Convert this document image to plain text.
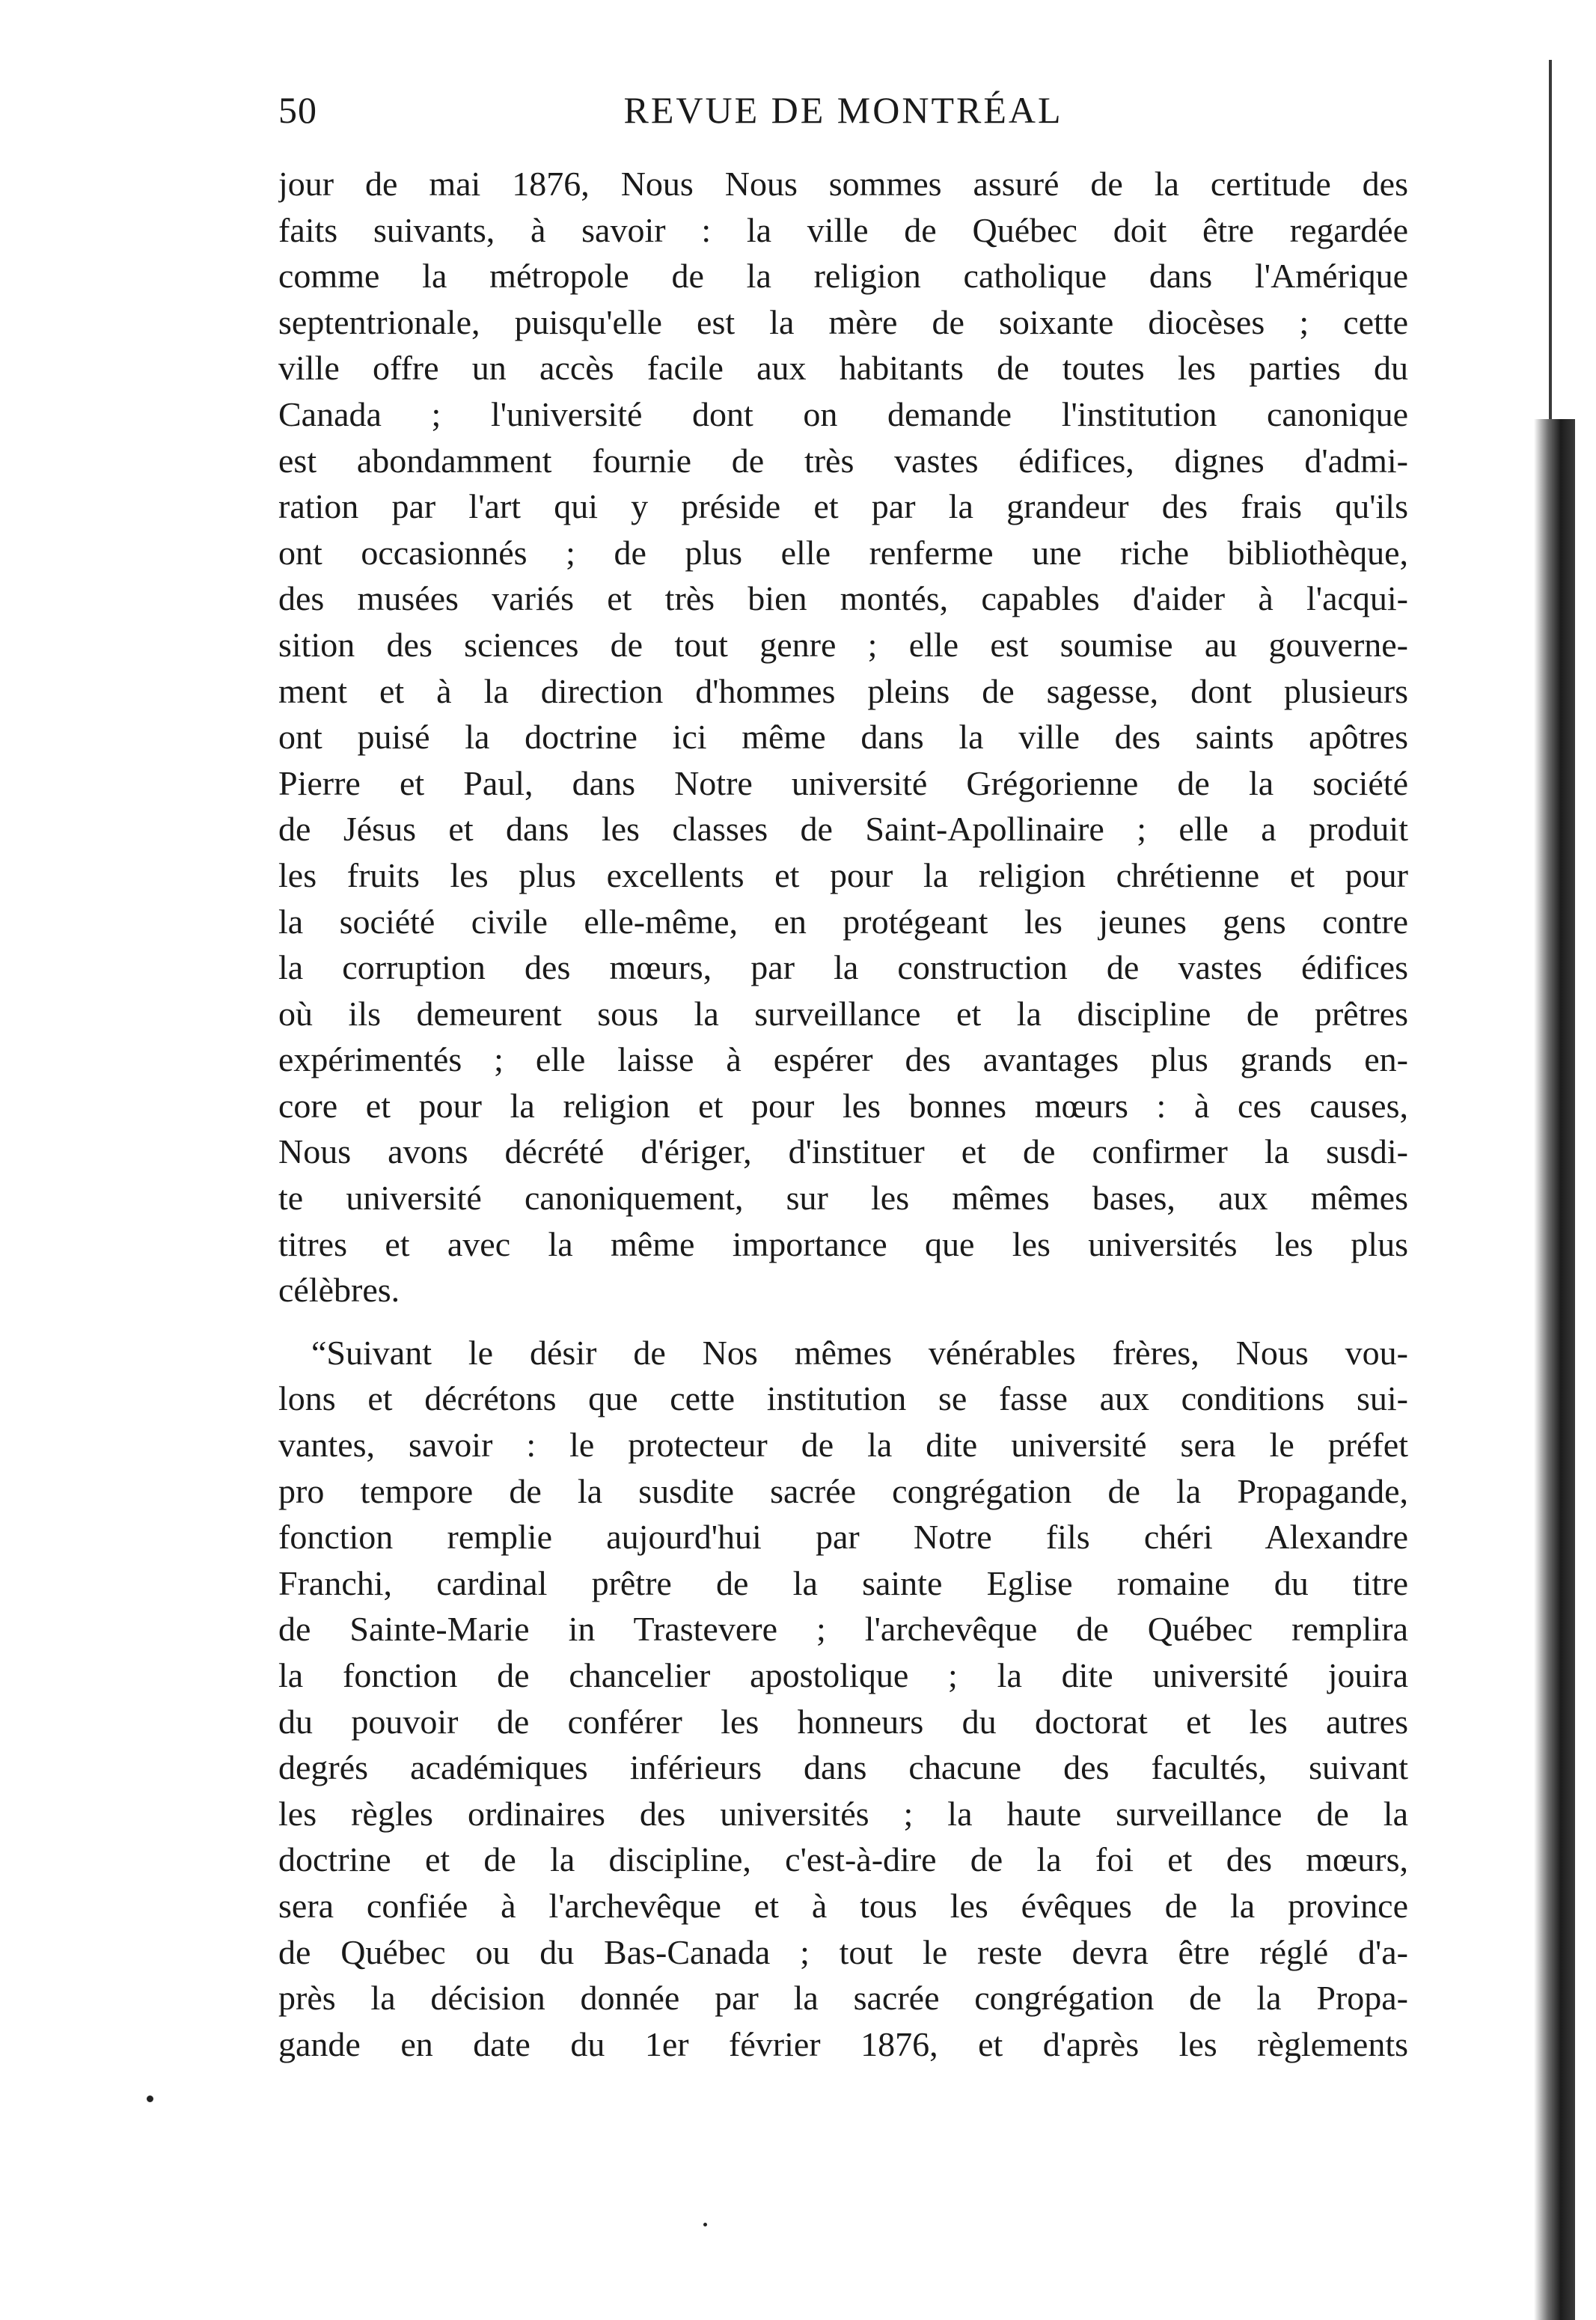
50	REVUE DE MONTRÉAL
jour de mai 1876, Nous Nous sommes assuré de la certitude des
faits suivants, à savoir : la ville de Québec doit être regardée
comme la métropole de la religion catholique dans l'Amérique
septentrionale, puisqu'elle est la mère de soixante diocèses ; cette
ville offre un accès facile aux habitants de toutes les parties du
Canada ; l'université dont on demande l'institution canonique
est abondamment fournie de très vastes édifices, dignes d'admi-
ration par l'art qui y préside et par la grandeur des frais qu'ils
ont occasionnés ; de plus elle renferme une riche bibliothèque,
des musées variés et très bien montés, capables d'aider à l'acqui-
sition des sciences de tout genre ; elle est soumise au gouverne-
ment et à la direction d'hommes pleins de sagesse, dont plusieurs
ont puisé la doctrine ici même dans la ville des saints apôtres
Pierre et Paul, dans Notre université Grégorienne de la société
de Jésus et dans les classes de Saint-Apollinaire ; elle a produit
les fruits les plus excellents et pour la religion chrétienne et pour
la société civile elle-même, en protégeant les jeunes gens contre
la corruption des mœurs, par la construction de vastes édifices
où ils demeurent sous la surveillance et la discipline de prêtres
expérimentés ; elle laisse à espérer des avantages plus grands en-
core et pour la religion et pour les bonnes mœurs : à ces causes,
Nous avons décrété d'ériger, d'instituer et de confirmer la susdi-
te université canoniquement, sur les mêmes bases, aux mêmes
titres et avec la même importance que les universités les plus
célèbres.
“Suivant le désir de Nos mêmes vénérables frères, Nous vou-
lons et décrétons que cette institution se fasse aux conditions sui-
vantes, savoir : le protecteur de la dite université sera le préfet
pro tempore de la susdite sacrée congrégation de la Propagande,
fonction remplie aujourd'hui par Notre fils chéri Alexandre
Franchi, cardinal prêtre de la sainte Eglise romaine du titre
de Sainte-Marie in Trastevere ; l'archevêque de Québec remplira
la fonction de chancelier apostolique ; la dite université jouira
du pouvoir de conférer les honneurs du doctorat et les autres
degrés académiques inférieurs dans chacune des facultés, suivant
les règles ordinaires des universités ; la haute surveillance de la
doctrine et de la discipline, c'est-à-dire de la foi et des mœurs,
sera confiée à l'archevêque et à tous les évêques de la province
de Québec ou du Bas-Canada ; tout le reste devra être réglé d'a-
près la décision donnée par la sacrée congrégation de la Propa-
gande en date du 1er février 1876, et d'après les règlements
